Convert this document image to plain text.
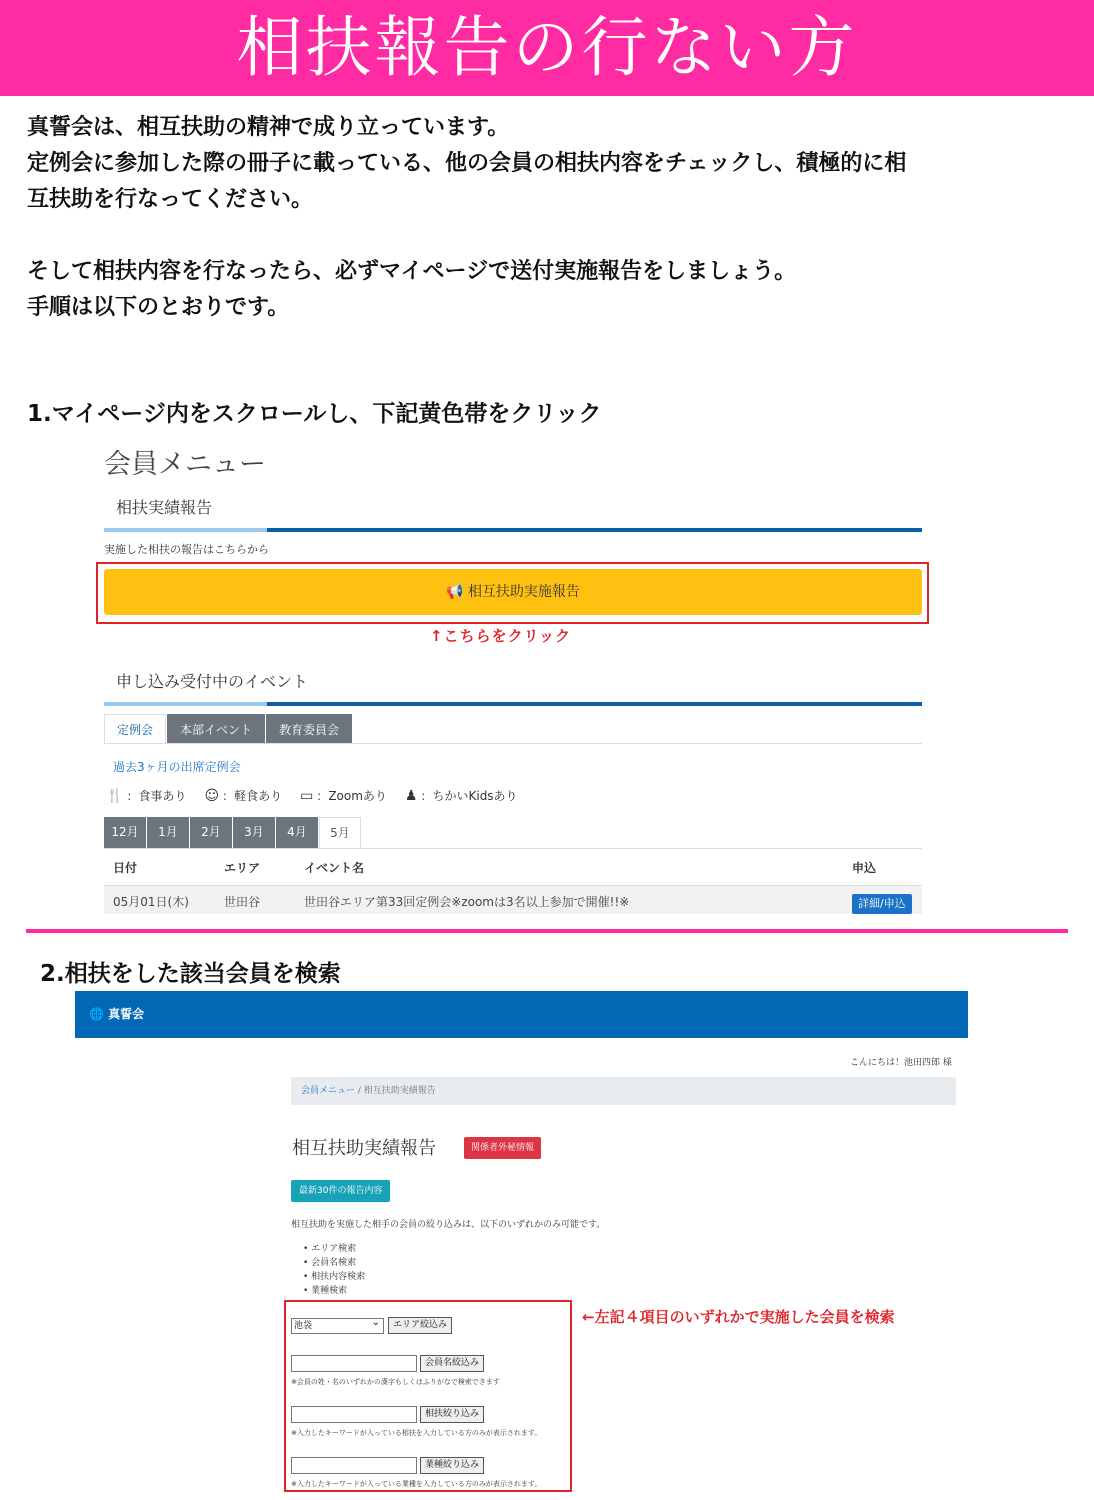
相扶報告の行ない方

真誓会は、相互扶助の精神で成り立っています。

定例会に参加した際の冊子に載っている、他の会員の相扶内容をチェックし、積極的に相

互扶助を行なってください。

そして相扶内容を行なったら、必ずマイページで送付実施報告をしましょう。

手順は以下のとおりです。

1.マイページ内をスクロールし、下記黄色帯をクリック
会員メニュー
相扶実績報告
実施した相扶の報告はこちらから
📢 相互扶助実施報告
↑こちらをクリック
申し込み受付中のイベント
定例会	本部イベント	教育委員会
過去3ヶ月の出席定例会
🍴 ：食事あり ☺ ：軽食あり ▭ ：Zoomあり ♟ ：ちかいKidsあり
12月	1月	2月	3月	4月	5月
日付	エリア	イベント名	申込
05月01日(木)	世田谷	世田谷エリア第33回定例会※zoomは3名以上参加で開催!!※	詳細/申込
2.相扶をした該当会員を検索
🌐 真誓会
こんにちは！池田四郎 様
会員メニュー / 相互扶助実績報告
相互扶助実績報告	関係者外秘情報
最新30件の報告内容
相互扶助を実施した相手の会員の絞り込みは、以下のいずれかのみ可能です。
• エリア検索
• 会員名検索
• 相扶内容検索
• 業種検索
←左記４項目のいずれかで実施した会員を検索
池袋 ⌄	エリア絞込み
会員名絞込み
※会員の姓・名のいずれかの漢字もしくはふりがなで検索できます
相扶絞り込み
※入力したキーワードが入っている相扶を入力している方のみが表示されます。
業種絞り込み
※入力したキーワードが入っている業種を入力している方のみが表示されます。
